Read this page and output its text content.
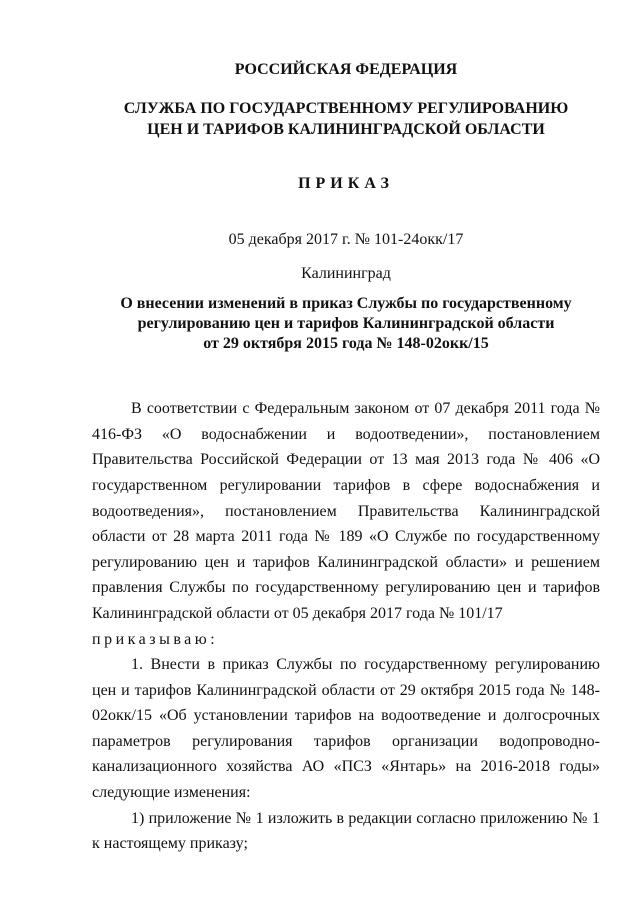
РОССИЙСКАЯ ФЕДЕРАЦИЯ
СЛУЖБА ПО ГОСУДАРСТВЕННОМУ РЕГУЛИРОВАНИЮ
ЦЕН И ТАРИФОВ КАЛИНИНГРАДСКОЙ ОБЛАСТИ
ПРИКАЗ
05 декабря 2017 г. № 101-24окк/17
Калининград
О внесении изменений в приказ Службы по государственному
регулированию цен и тарифов Калининградской области
от 29 октября 2015 года № 148-02окк/15

В соответствии с Федеральным законом от 07 декабря 2011 года № 416-ФЗ «О водоснабжении и водоотведении», постановлением Правительства Российской Федерации от 13 мая 2013 года № 406 «О государственном регулировании тарифов в сфере водоснабжения и водоотведения», постановлением Правительства Калининградской области от 28 марта 2011 года № 189 «О Службе по государственному регулированию цен и тарифов Калининградской области» и решением правления Службы по государственному регулированию цен и тарифов Калининградской области от 05 декабря 2017 года № 101/17

приказываю:

1. Внести в приказ Службы по государственному регулированию цен и тарифов Калининградской области от 29 октября 2015 года № 148-02окк/15 «Об установлении тарифов на водоотведение и долгосрочных параметров регулирования тарифов организации водопроводно-канализационного хозяйства АО «ПСЗ «Янтарь» на 2016-2018 годы» следующие изменения:

1) приложение № 1 изложить в редакции согласно приложению № 1 к настоящему приказу;
